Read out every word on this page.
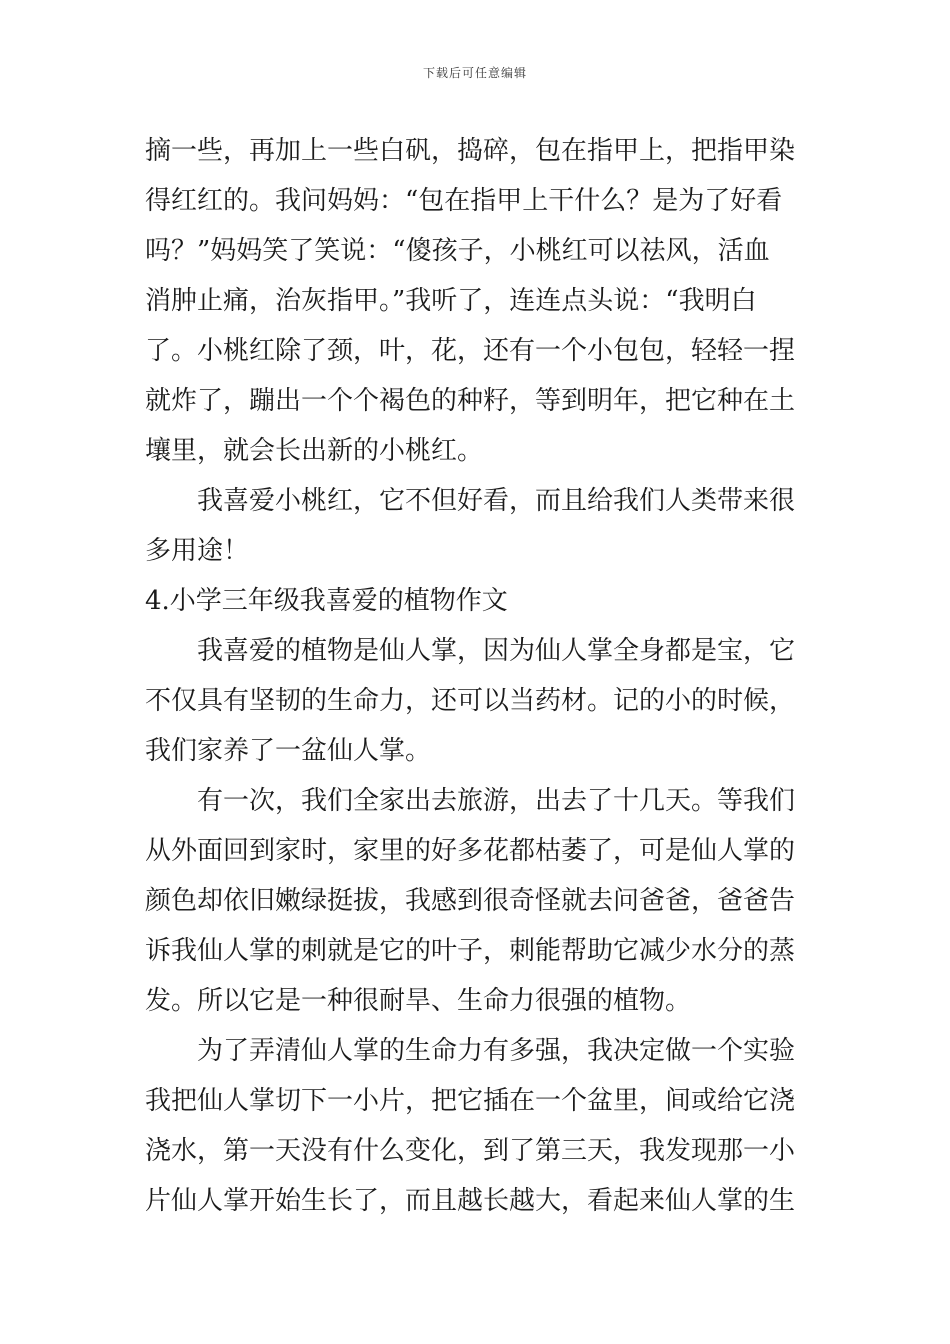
下载后可任意编辑
摘一些，再加上一些白矾，捣碎，包在指甲上，把指甲染
得红红的。我问妈妈：“包在指甲上干什么？是为了好看
吗？”妈妈笑了笑说：“傻孩子，小桃红可以祛风，活血
消肿止痛，治灰指甲。”我听了，连连点头说：“我明白
了。小桃红除了颈，叶，花，还有一个小包包，轻轻一捏
就炸了，蹦出一个个褐色的种籽，等到明年，把它种在土
壤里，就会长出新的小桃红。
我喜爱小桃红，它不但好看，而且给我们人类带来很
多用途！
4.小学三年级我喜爱的植物作文
我喜爱的植物是仙人掌，因为仙人掌全身都是宝，它
不仅具有坚韧的生命力，还可以当药材。记的小的时候，
我们家养了一盆仙人掌。
有一次，我们全家出去旅游，出去了十几天。等我们
从外面回到家时，家里的好多花都枯萎了，可是仙人掌的
颜色却依旧嫩绿挺拔，我感到很奇怪就去问爸爸，爸爸告
诉我仙人掌的刺就是它的叶子，刺能帮助它减少水分的蒸
发。所以它是一种很耐旱、生命力很强的植物。
为了弄清仙人掌的生命力有多强，我决定做一个实验
我把仙人掌切下一小片，把它插在一个盆里，间或给它浇
浇水，第一天没有什么变化，到了第三天，我发现那一小
片仙人掌开始生长了，而且越长越大，看起来仙人掌的生
